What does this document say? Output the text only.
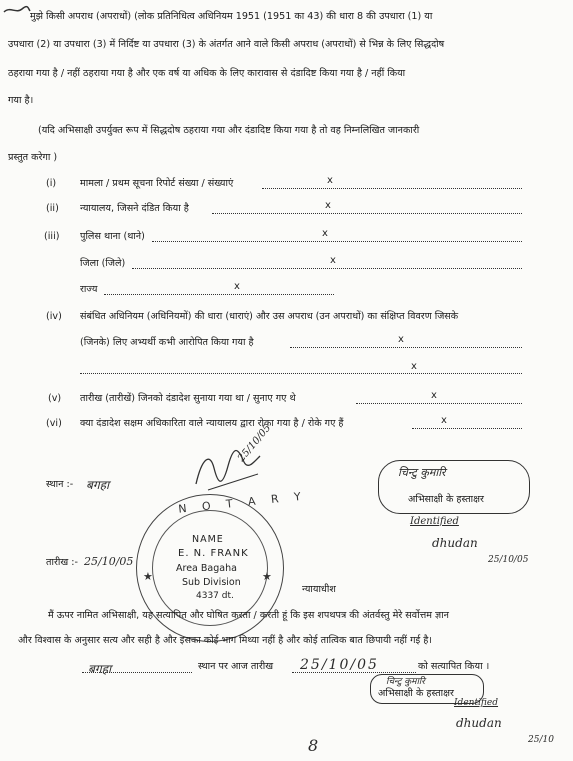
मुझे किसी अपराध (अपराधों) (लोक प्रतिनिधित्व अधिनियम 1951 (1951 का 43) की धारा 8 की उपधारा (1) या
उपधारा (2) या उपधारा (3) में निर्दिष्ट या उपधारा (3) के अंतर्गत आने वाले किसी अपराध (अपराधों) से भिन्न के लिए सिद्धदोष
ठहराया गया है / नहीं ठहराया गया है और एक वर्ष या अधिक के लिए कारावास से दंडादिष्ट किया गया है / नहीं किया
गया है।
(यदि अभिसाक्षी उपर्युक्त रूप में सिद्धदोष ठहराया गया और दंडादिष्ट किया गया है तो वह निम्नलिखित जानकारी
प्रस्तुत करेगा )
(i) मामला / प्रथम सूचना रिपोर्ट संख्या / संख्याएं	x
(ii) न्यायालय, जिसने दंडित किया है	x
(iii) पुलिस थाना (थाने)	x
जिला (जिले)	x
राज्य	x
(iv) संबंधित अधिनियम (अधिनियमों) की धारा (धाराएं) और उस अपराध (उन अपराधों) का संक्षिप्त विवरण जिसके
(जिनके) लिए अभ्यर्थी कभी आरोपित किया गया है	x
x
(v) तारीख (तारीखें) जिनको दंडादेश सुनाया गया था / सुनाए गए थे	x
(vi) क्या दंडादेश सक्षम अधिकारिता वाले न्यायालय द्वारा रोका गया है / रोके गए हैं	x
स्थान :- बगहा
25/10/05
चिन्टु कुमारि
अभिसाक्षी के हस्ताक्षर
Identified
dhudan
25/10/05
N O T A R Y
★	★
NAME
E. N. FRANK
Area Bagaha
Sub Division
4337 dt.
तारीख :- 25/10/05
न्यायाधीश
मैं ऊपर नामित अभिसाक्षी, यह सत्यापित और घोषित करता / करती हूं कि इस शपथपत्र की अंतर्वस्तु मेरे सर्वोत्तम ज्ञान
और विश्वास के अनुसार सत्य और सही है और इसका कोई भाग मिथ्या नहीं है और कोई तात्विक बात छिपायी नहीं गई है।
बगहा	स्थान पर आज तारीख 25/10/05	को सत्यापित किया ।
चिन्टु कुमारि
अभिसाक्षी के हस्ताक्षर
Identified
dhudan
25/10
8
